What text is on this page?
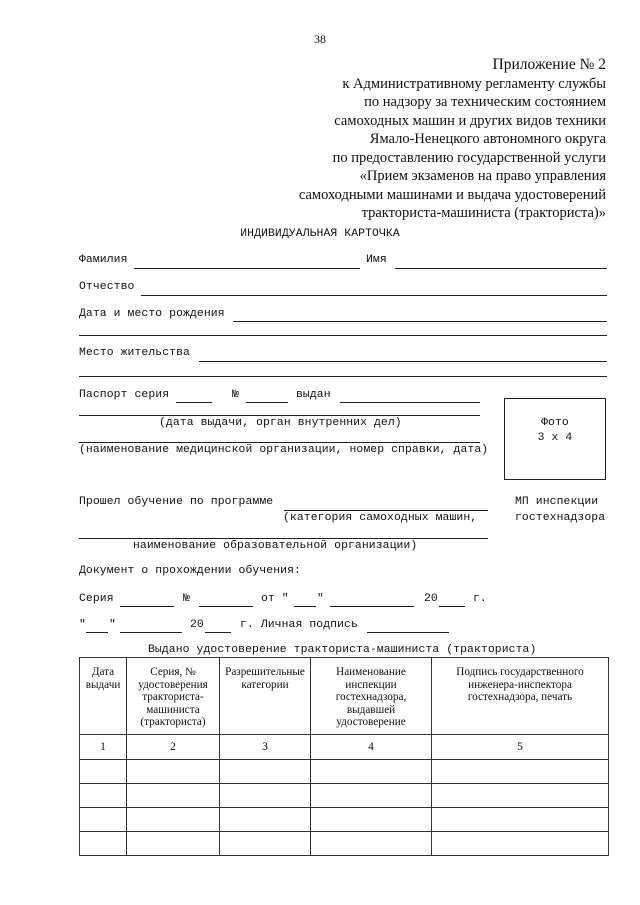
38
Приложение № 2
к Административному регламенту службы
по надзору за техническим состоянием
самоходных машин и других видов техники
Ямало-Ненецкого автономного округа
по предоставлению государственной услуги
«Прием экзаменов на право управления
самоходными машинами и выдача удостоверений
тракториста-машиниста (тракториста)»
ИНДИВИДУАЛЬНАЯ КАРТОЧКА
Фамилия	Имя
Отчество
Дата и место рождения
Место жительства
Паспорт серия	№	выдан
(дата выдачи, орган внутренних дел)
(наименование медицинской организации, номер справки, дата)
Фото
3 х 4
Прошел обучение по программе
(категория самоходных машин,
наименование образовательной организации)
МП инспекции
гостехнадзора
Документ о прохождении обучения:
Серия	№	от " "	20	г.
" "	20	г. Личная подпись
Выдано удостоверение тракториста-машиниста (тракториста)
Дата выдачи	Серия, № удостоверения тракториста-машиниста (тракториста)	Разрешительные категории	Наименование инспекции гостехнадзора, выдавшей удостоверение	Подпись государственного инженера-инспектора гостехнадзора, печать
1	2	3	4	5
